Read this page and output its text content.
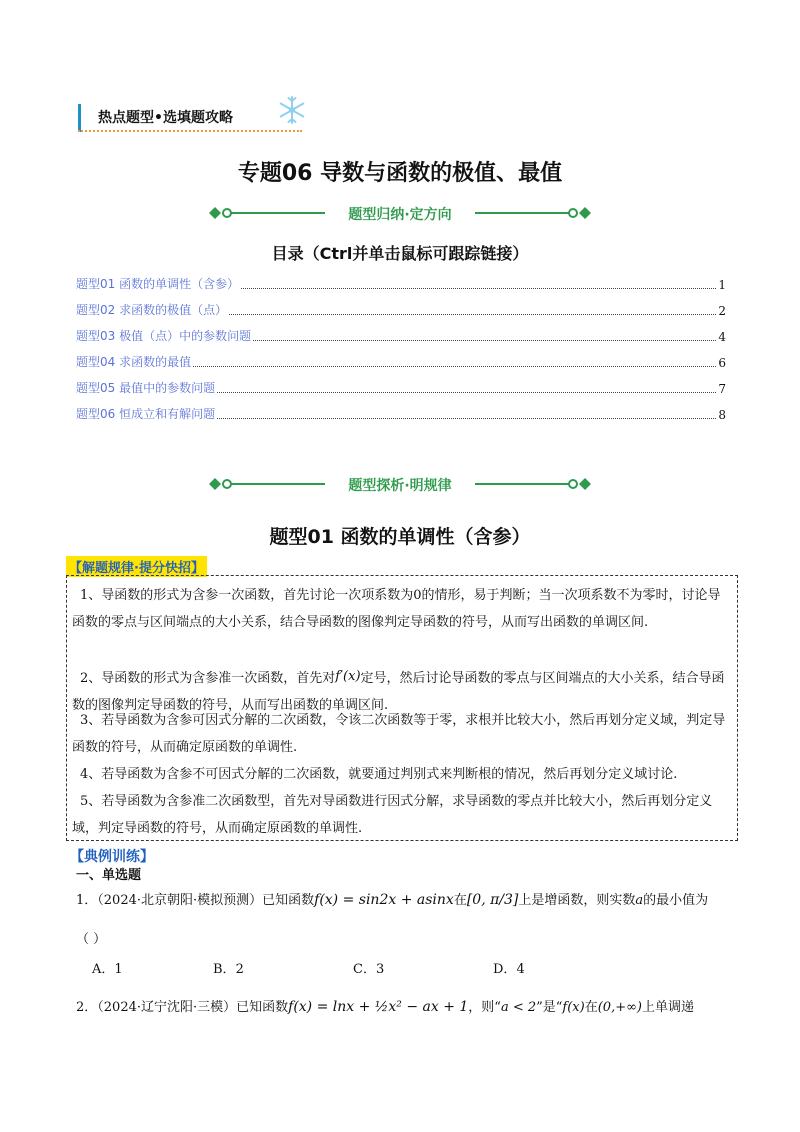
热点题型•选填题攻略
专题06 导数与函数的极值、最值
题型归纳·定方向
目录（Ctrl并单击鼠标可跟踪链接）
题型01 函数的单调性（含参）	1
题型02 求函数的极值（点）	2
题型03 极值（点）中的参数问题	4
题型04 求函数的最值	6
题型05 最值中的参数问题	7
题型06 恒成立和有解问题	8
题型探析·明规律
题型01 函数的单调性（含参）
【解题规律·提分快招】
1、导函数的形式为含参一次函数，首先讨论一次项系数为0的情形，易于判断；当一次项系数不为零时，讨论导函数的零点与区间端点的大小关系，结合导函数的图像判定导函数的符号，从而写出函数的单调区间.
2、导函数的形式为含参准一次函数，首先对f′(x)定号，然后讨论导函数的零点与区间端点的大小关系，结合导函数的图像判定导函数的符号，从而写出函数的单调区间.
3、若导函数为含参可因式分解的二次函数，令该二次函数等于零，求根并比较大小，然后再划分定义域，判定导函数的符号，从而确定原函数的单调性.
4、若导函数为含参不可因式分解的二次函数，就要通过判别式来判断根的情况，然后再划分定义域讨论.
5、若导函数为含参准二次函数型，首先对导函数进行因式分解，求导函数的零点并比较大小，然后再划分定义域，判定导函数的符号，从而确定原函数的单调性.
【典例训练】
一、单选题
1．（2024·北京朝阳·模拟预测）已知函数f(x) = sin2x + asinx在[0, π/3]上是增函数，则实数a的最小值为
（ ）
A．1	B．2	C．3	D．4
2．（2024·辽宁沈阳·三模）已知函数f(x) = lnx + ½x² − ax + 1，则“a < 2”是“f(x)在(0,+∞)上单调递
